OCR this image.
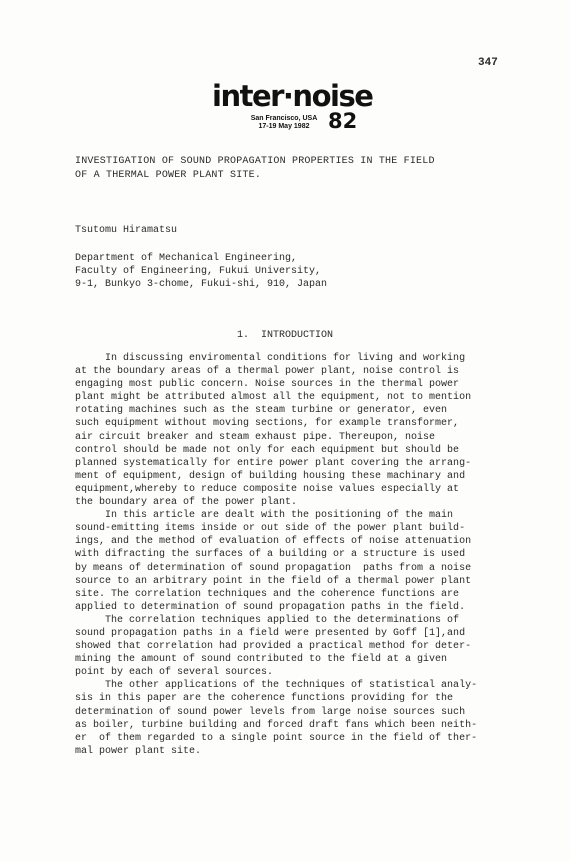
347
inter·noise
San Francisco, USA
17-19 May 1982 82
INVESTIGATION OF SOUND PROPAGATION PROPERTIES IN THE FIELD
OF A THERMAL POWER PLANT SITE.
Tsutomu Hiramatsu
Department of Mechanical Engineering,
Faculty of Engineering, Fukui University,
9-1, Bunkyo 3-chome, Fukui-shi, 910, Japan
1.  INTRODUCTION
In discussing enviromental conditions for living and working
at the boundary areas of a thermal power plant, noise control is
engaging most public concern. Noise sources in the thermal power
plant might be attributed almost all the equipment, not to mention
rotating machines such as the steam turbine or generator, even
such equipment without moving sections, for example transformer,
air circuit breaker and steam exhaust pipe. Thereupon, noise
control should be made not only for each equipment but should be
planned systematically for entire power plant covering the arrang-
ment of equipment, design of building housing these machinary and
equipment,whereby to reduce composite noise values especially at
the boundary area of the power plant.
In this article are dealt with the positioning of the main
sound-emitting items inside or out side of the power plant build-
ings, and the method of evaluation of effects of noise attenuation
with difracting the surfaces of a building or a structure is used
by means of determination of sound propagation  paths from a noise
source to an arbitrary point in the field of a thermal power plant
site. The correlation techniques and the coherence functions are
applied to determination of sound propagation paths in the field.
The correlation techniques applied to the determinations of
sound propagation paths in a field were presented by Goff [1],and
showed that correlation had provided a practical method for deter-
mining the amount of sound contributed to the field at a given
point by each of several sources.
The other applications of the techniques of statistical analy-
sis in this paper are the coherence functions providing for the
determination of sound power levels from large noise sources such
as boiler, turbine building and forced draft fans which been neith-
er  of them regarded to a single point source in the field of ther-
mal power plant site.
